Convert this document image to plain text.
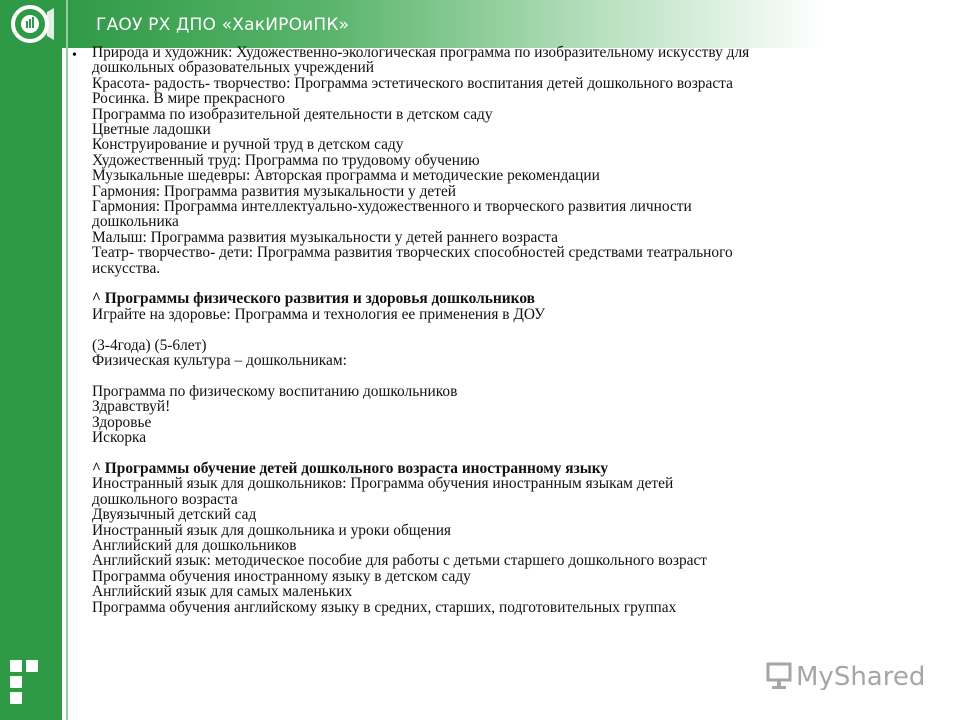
ГАОУ РХ ДПО «ХакИРОиПК»
• Природа и художник: Художественно-экологическая программа по изобразительному искусству для
дошкольных образовательных учреждений
Красота- радость- творчество: Программа эстетического воспитания детей дошкольного возраста
Росинка. В мире прекрасного
Программа по изобразительной деятельности в детском саду
Цветные ладошки
Конструирование и ручной труд в детском саду
Художественный труд: Программа по трудовому обучению
Музыкальные шедевры: Авторская программа и методические рекомендации
Гармония: Программа развития музыкальности у детей
Гармония: Программа интеллектуально-художественного и творческого развития личности
дошкольника
Малыш: Программа развития музыкальности у детей раннего возраста
Театр- творчество- дети: Программа развития творческих способностей средствами театрального
искусства.
^ Программы физического развития и здоровья дошкольников
Играйте на здоровье: Программа и технология ее применения в ДОУ
(3-4года) (5-6лет)
Физическая культура – дошкольникам:
Программа по физическому воспитанию дошкольников
Здравствуй!
Здоровье
Искорка
^ Программы обучение детей дошкольного возраста иностранному языку
Иностранный язык для дошкольников: Программа обучения иностранным языкам детей
дошкольного возраста
Двуязычный детский сад
Иностранный язык для дошкольника и уроки общения
Английский для дошкольников
Английский язык: методическое пособие для работы с детьми старшего дошкольного возраст
Программа обучения иностранному языку в детском саду
Английский язык для самых маленьких
Программа обучения английскому языку в средних, старших, подготовительных группах
MyShared
